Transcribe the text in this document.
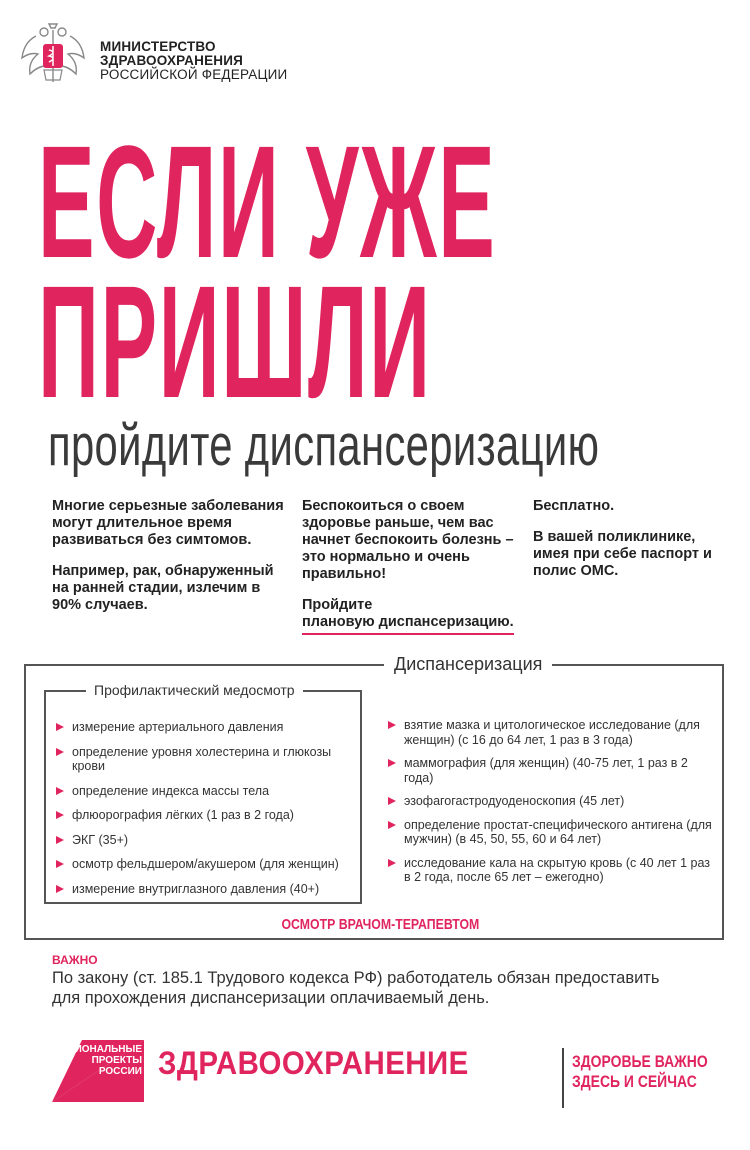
МИНИСТЕРСТВО
ЗДРАВООХРАНЕНИЯ
РОССИЙСКОЙ ФЕДЕРАЦИИ
ЕСЛИ УЖЕ
ПРИШЛИ
пройдите диспансеризацию

Многие серьезные заболевания могут длительное время развиваться без симтомов.

Например, рак, обнаруженный на ранней стадии, излечим в 90% случаев.

Беспокоиться о своем здоровье раньше, чем вас начнет беспокоить болезнь – это нормально и очень правильно!

Пройдите
плановую диспансеризацию.

Бесплатно.

В вашей поликлинике, имея при себе паспорт и полис ОМС.

Диспансеризация
Профилактический медосмотр
измерение артериального давления
определение уровня холестерина и глюкозы крови
определение индекса массы тела
флюорография лёгких (1 раз в 2 года)
ЭКГ (35+)
осмотр фельдшером/акушером (для женщин)
измерение внутриглазного давления (40+)
взятие мазка и цитологическое исследование (для женщин) (с 16 до 64 лет, 1 раз в 3 года)
маммография (для женщин) (40-75 лет, 1 раз в 2 года)
эзофагогастродуоденоскопия (45 лет)
определение простат-специфического антигена (для мужчин) (в 45, 50, 55, 60 и 64 лет)
исследование кала на скрытую кровь (с 40 лет 1 раз в 2 года, после 65 лет – ежегодно)
ОСМОТР ВРАЧОМ-ТЕРАПЕВТОМ
ВАЖНО
По закону (ст. 185.1 Трудового кодекса РФ) работодатель обязан предоставить для прохождения диспансеризации оплачиваемый день.
НАЦИОНАЛЬНЫЕ
ПРОЕКТЫ
РОССИИ ЗДРАВООХРАНЕНИЕ	ЗДОРОВЬЕ ВАЖНО
ЗДЕСЬ И СЕЙЧАС
